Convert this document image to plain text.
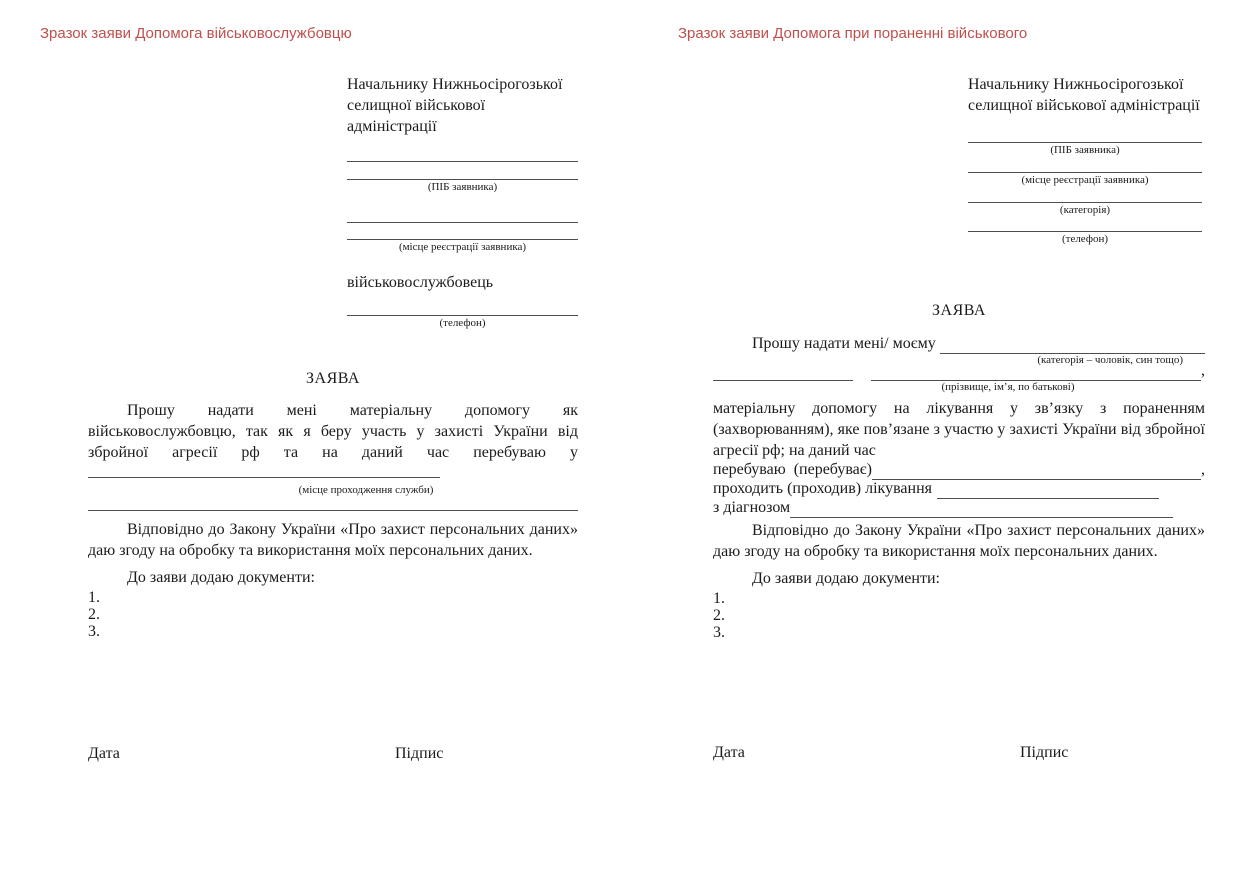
Зразок заяви Допомога військовослужбовцю
Начальнику Нижньосірогозької
селищної військової адміністрації
(ПІБ заявника)
(місце реєстрації заявника)
військовослужбовець
(телефон)
ЗАЯВА

Прошу надати мені матеріальну допомогу як військовослужбовцю, так як я беру участь у захисті України від збройної агресії рф та на даний час перебуваю у

(місце проходження служби)

Відповідно до Закону України «Про захист персональних даних» даю згоду на обробку та використання моїх персональних даних.

До заяви додаю документи:
1.
2.
3.
Дата	Підпис
Зразок заяви Допомога при пораненні військового
Начальнику Нижньосірогозької
селищної військової адміністрації
(ПІБ заявника)
(місце реєстрації заявника)
(категорія)
(телефон)
ЗАЯВА
Прошу надати мені/ моєму
(категорія – чоловік, син тощо)
,
(прізвище, ім’я, по батькові)

матеріальну допомогу на лікування у зв’язку з пораненням (захворюванням), яке пов’язане з участю у захисті України від збройної агресії рф; на даний час

перебуваю  (перебуває)	,
проходить (проходив) лікування
з діагнозом

Відповідно до Закону України «Про захист персональних даних» даю згоду на обробку та використання моїх персональних даних.

До заяви додаю документи:
1.
2.
3.
Дата	Підпис
